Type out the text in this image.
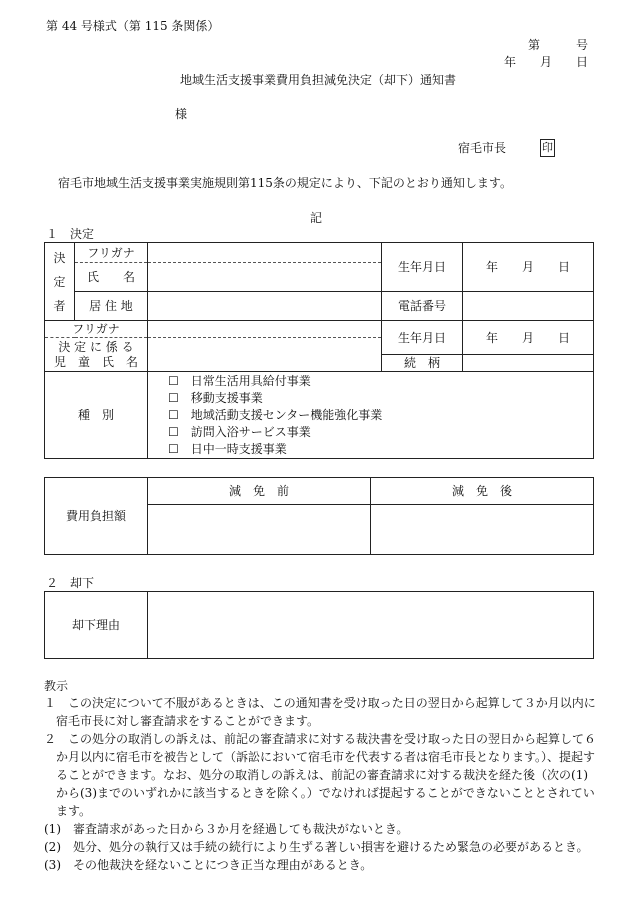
第 44 号様式（第 115 条関係）
第　　　号
年　　月　　日
地域生活支援事業費用負担減免決定（却下）通知書
様
宿毛市長	印
宿毛市地域生活支援事業実施規則第115条の規定により、下記のとおり通知します。
記
１　決定
決
定
者	フリガナ		生年月日	年　　月　　日
	氏　　名			
	居 住 地		電話番号	
フリガナ			生年月日	年　　月　　日

決 定 に 係 る
児　童　氏　名				

			続　柄	
種　別		☐　日常生活用具給付事業
☐　移動支援事業
☐　地域活動支援センター機能強化事業
☐　訪問入浴サービス事業
☐　日中一時支援事業		
費用負担額	減　免　前	減　免　後

２　却下
却下理由	
教示
１　この決定について不服があるときは、この通知書を受け取った日の翌日から起算して３か月以内に
　宿毛市長に対し審査請求をすることができます。
２　この処分の取消しの訴えは、前記の審査請求に対する裁決書を受け取った日の翌日から起算して６
　か月以内に宿毛市を被告として（訴訟において宿毛市を代表する者は宿毛市長となります。）、提起す
　ることができます。なお、処分の取消しの訴えは、前記の審査請求に対する裁決を経た後（次の(1)
　から(3)までのいずれかに該当するときを除く。）でなければ提起することができないこととされてい
　ます。
(1)　審査請求があった日から３か月を経過しても裁決がないとき。
(2)　処分、処分の執行又は手続の続行により生ずる著しい損害を避けるため緊急の必要があるとき。
(3)　その他裁決を経ないことにつき正当な理由があるとき。
